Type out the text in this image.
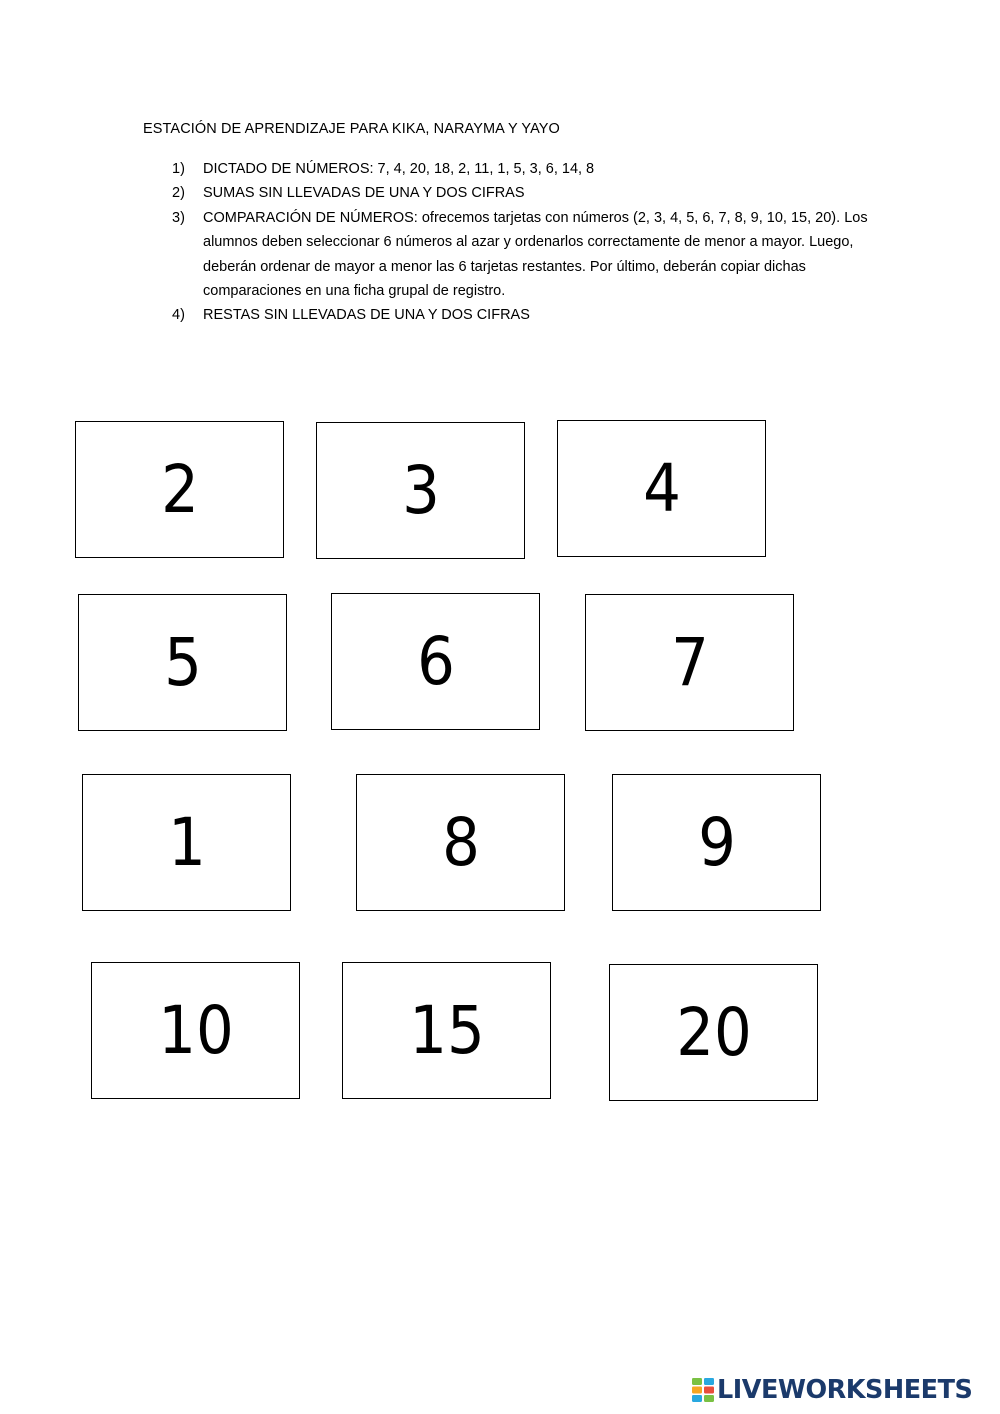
ESTACIÓN DE APRENDIZAJE PARA KIKA, NARAYMA Y YAYO
1)	DICTADO DE NÚMEROS: 7, 4, 20, 18, 2, 11, 1, 5, 3, 6, 14, 8
2)	SUMAS SIN LLEVADAS DE UNA Y DOS CIFRAS
3)	COMPARACIÓN DE NÚMEROS: ofrecemos tarjetas con números (2, 3, 4, 5, 6, 7, 8, 9, 10, 15, 20). Los alumnos deben seleccionar 6 números al azar y ordenarlos correctamente de menor a mayor. Luego, deberán ordenar de mayor a menor las 6 tarjetas restantes. Por último, deberán copiar dichas comparaciones en una ficha grupal de registro.
4)	RESTAS SIN LLEVADAS DE UNA Y DOS CIFRAS
2	3	4
5	6	7
1	8	9
10	15	20
LIVEWORKSHEETS
